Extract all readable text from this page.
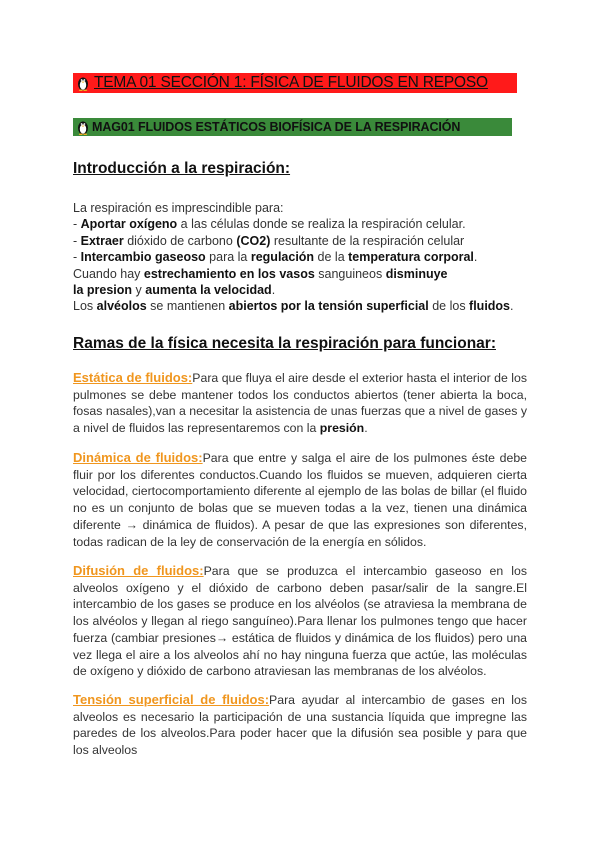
TEMA 01 SECCIÓN 1: FÍSICA DE FLUIDOS EN REPOSO
MAG01 FLUIDOS ESTÁTICOS BIOFÍSICA DE LA RESPIRACIÓN
Introducción a la respiración:
La respiración es imprescindible para:
- Aportar oxígeno a las células donde se realiza la respiración celular.
- Extraer dióxido de carbono (CO2) resultante de la respiración celular
- Intercambio gaseoso para la regulación de la temperatura corporal.
Cuando hay estrechamiento en los vasos sanguineos disminuye
la presion y aumenta la velocidad.
Los alvéolos se mantienen abiertos por la tensión superficial de los fluidos.
Ramas de la física necesita la respiración para funcionar:
Estática de fluidos:Para que fluya el aire desde el exterior hasta el interior de los pulmones se debe mantener todos los conductos abiertos (tener abierta la boca, fosas nasales),van a necesitar la asistencia de unas fuerzas que a nivel de gases y a nivel de fluidos las representaremos con la presión.
Dinámica de fluidos:Para que entre y salga el aire de los pulmones éste debe fluir por los diferentes conductos.Cuando los fluidos se mueven, adquieren cierta velocidad, ciertocomportamiento diferente al ejemplo de las bolas de billar (el fluido no es un conjunto de bolas que se mueven todas a la vez, tienen una dinámica diferente → dinámica de fluidos). A pesar de que las expresiones son diferentes, todas radican de la ley de conservación de la energía en sólidos.
Difusión de fluidos:Para que se produzca el intercambio gaseoso en los alveolos oxígeno y el dióxido de carbono deben pasar/salir de la sangre.El intercambio de los gases se produce en los alvéolos (se atraviesa la membrana de los alvéolos y llegan al riego sanguíneo).Para llenar los pulmones tengo que hacer fuerza (cambiar presiones→ estática de fluidos y dinámica de los fluidos) pero una vez llega el aire a los alveolos ahí no hay ninguna fuerza que actúe, las moléculas de oxígeno y dióxido de carbono atraviesan las membranas de los alvéolos.
Tensión superficial de fluidos:Para ayudar al intercambio de gases en los alveolos es necesario la participación de una sustancia líquida que impregne las paredes de los alveolos.Para poder hacer que la difusión sea posible y para que los alveolos
